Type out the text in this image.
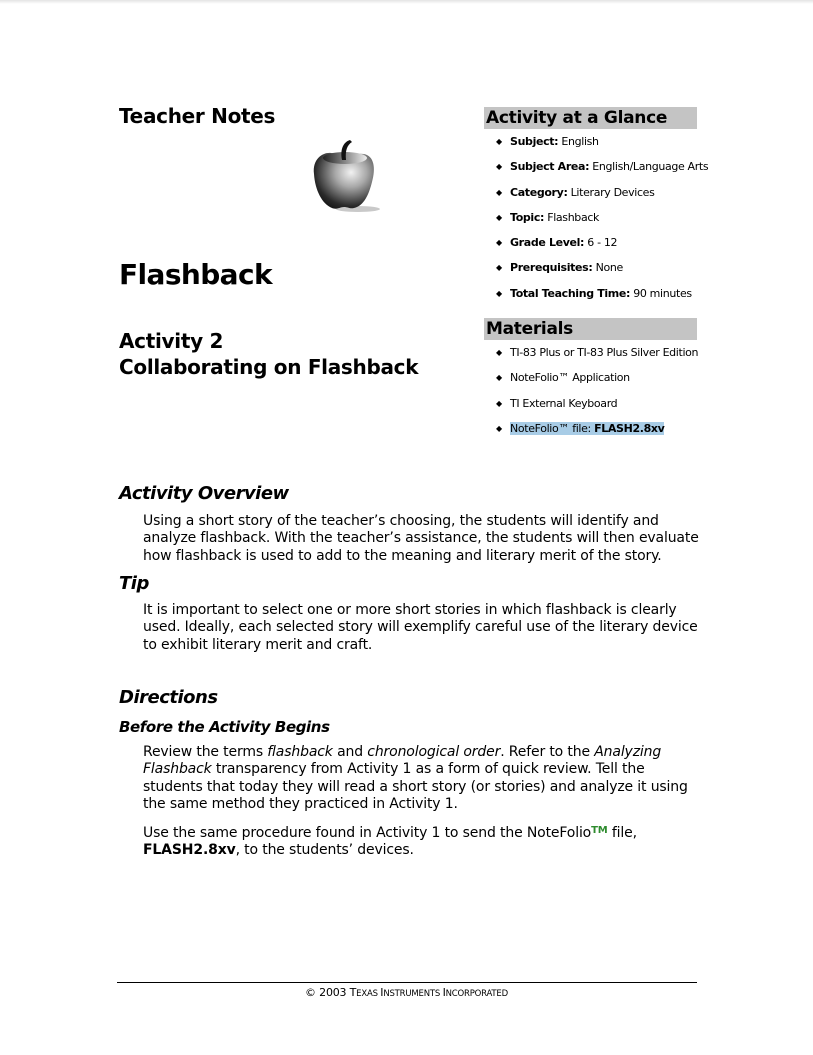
Teacher Notes
Flashback
Activity 2
Collaborating on Flashback
Activity at a Glance
◆ Subject: English
◆ Subject Area: English/Language Arts
◆ Category: Literary Devices
◆ Topic: Flashback
◆ Grade Level: 6 - 12
◆ Prerequisites: None
◆ Total Teaching Time: 90 minutes
Materials
◆ TI-83 Plus or TI-83 Plus Silver Edition
◆ NoteFolio™ Application
◆ TI External Keyboard
◆ NoteFolio™ file: FLASH2.8xv
Activity Overview
Using a short story of the teacher’s choosing, the students will identify and analyze flashback. With the teacher’s assistance, the students will then evaluate how flashback is used to add to the meaning and literary merit of the story.
Tip
It is important to select one or more short stories in which flashback is clearly used. Ideally, each selected story will exemplify careful use of the literary device to exhibit literary merit and craft.
Directions
Before the Activity Begins
Review the terms flashback and chronological order. Refer to the Analyzing Flashback transparency from Activity 1 as a form of quick review. Tell the students that today they will read a short story (or stories) and analyze it using the same method they practiced in Activity 1.
Use the same procedure found in Activity 1 to send the NoteFolio™ file,
FLASH2.8xv, to the students’ devices.
© 2003 TEXAS INSTRUMENTS INCORPORATED
